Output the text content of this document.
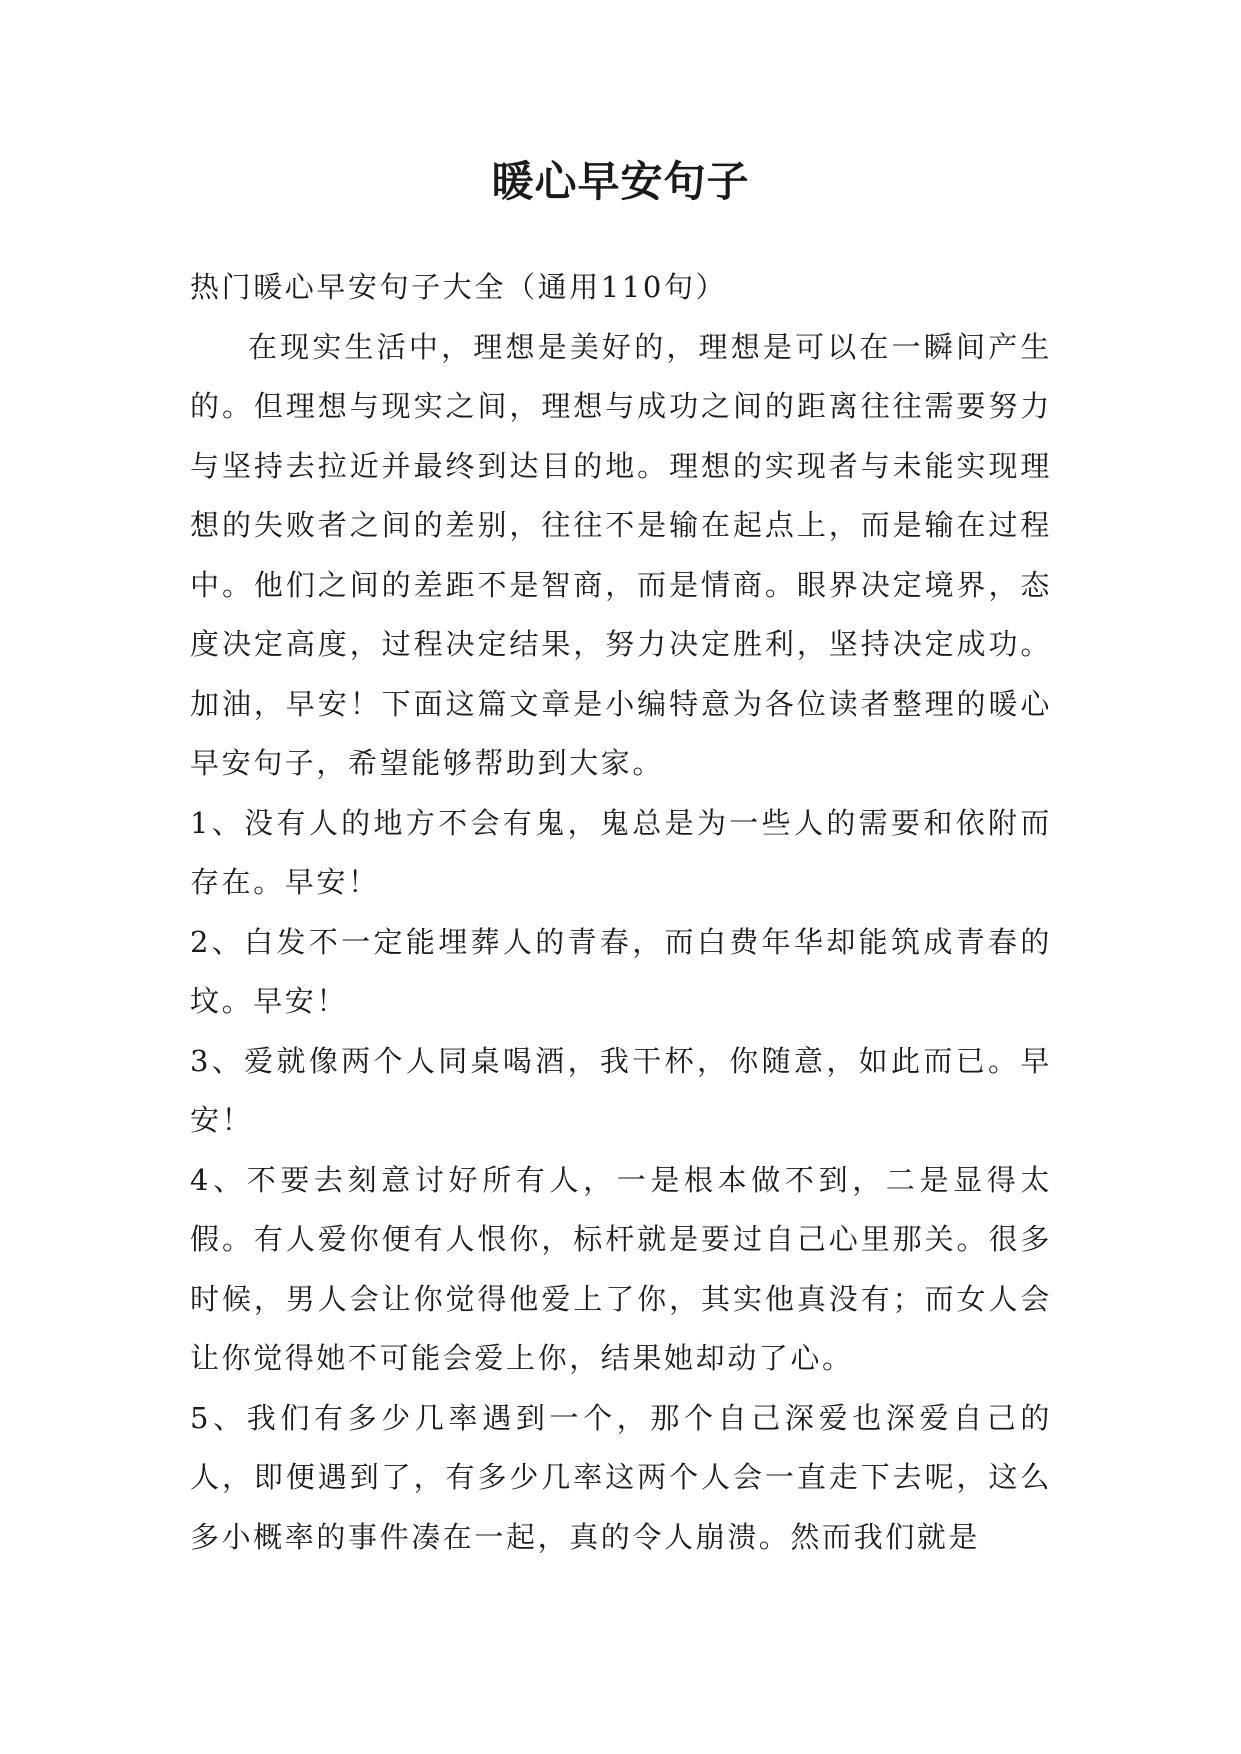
暖心早安句子

热门暖心早安句子大全（通用110句）

在现实生活中，理想是美好的，理想是可以在一瞬间产生的。但理想与现实之间，理想与成功之间的距离往往需要努力与坚持去拉近并最终到达目的地。理想的实现者与未能实现理想的失败者之间的差别，往往不是输在起点上，而是输在过程中。他们之间的差距不是智商，而是情商。眼界决定境界，态度决定高度，过程决定结果，努力决定胜利，坚持决定成功。加油，早安！下面这篇文章是小编特意为各位读者整理的暖心早安句子，希望能够帮助到大家。

1、没有人的地方不会有鬼，鬼总是为一些人的需要和依附而存在。早安！

2、白发不一定能埋葬人的青春，而白费年华却能筑成青春的坟。早安！

3、爱就像两个人同桌喝酒，我干杯，你随意，如此而已。早安！

4、不要去刻意讨好所有人，一是根本做不到，二是显得太假。有人爱你便有人恨你，标杆就是要过自己心里那关。很多时候，男人会让你觉得他爱上了你，其实他真没有；而女人会让你觉得她不可能会爱上你，结果她却动了心。

5、我们有多少几率遇到一个，那个自己深爱也深爱自己的人，即便遇到了，有多少几率这两个人会一直走下去呢，这么多小概率的事件凑在一起，真的令人崩溃。然而我们就是
